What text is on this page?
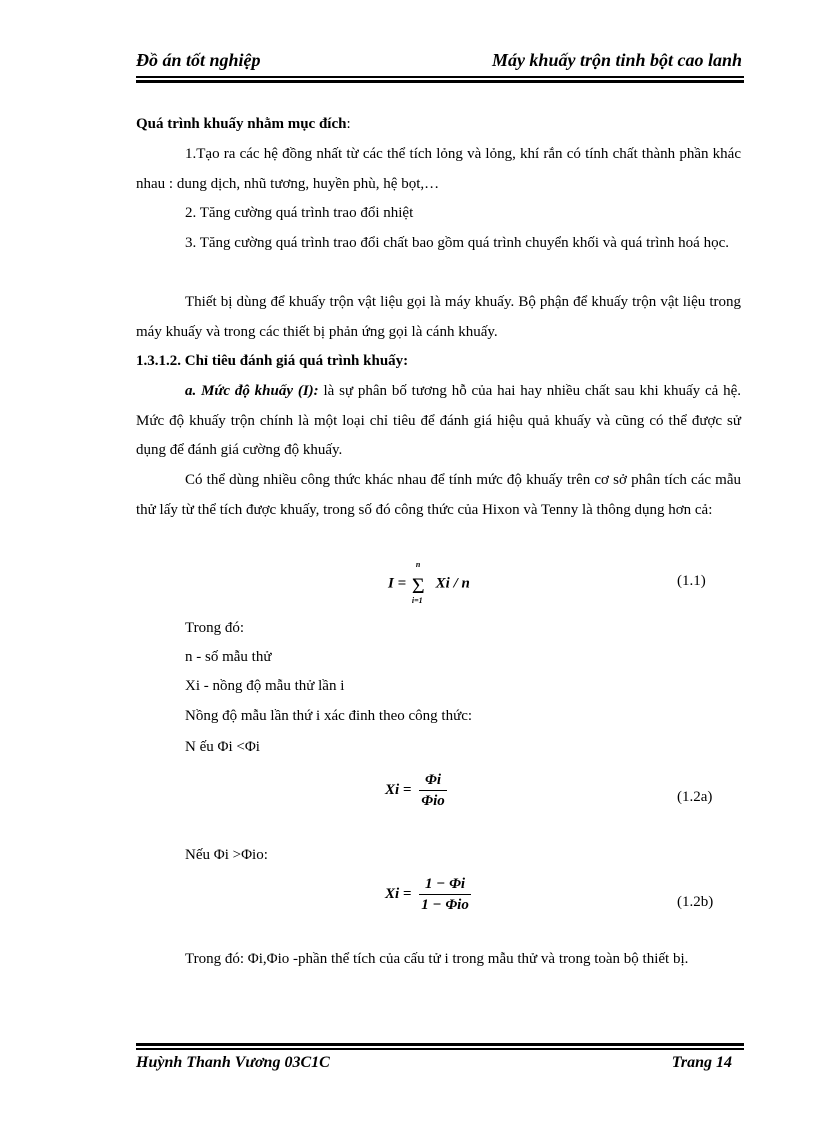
Đồ án tốt nghiệp	Máy khuấy trộn tinh bột cao lanh
Quá trình khuấy nhằm mục đích:
1.Tạo ra các hệ đồng nhất từ các thể tích lỏng và lỏng, khí rắn có tính chất thành phần khác nhau : dung dịch, nhũ tương, huyền phù, hệ bọt,…
2. Tăng cường quá trình trao đổi nhiệt
3. Tăng cường quá trình trao đổi chất bao gồm quá trình chuyển khối và quá trình hoá học.
Thiết bị dùng để khuấy trộn vật liệu gọi là máy khuấy. Bộ phận để khuấy trộn vật liệu trong máy khuấy và trong các thiết bị phản ứng gọi là cánh khuấy.
1.3.1.2. Chỉ tiêu đánh giá quá trình khuấy:
a. Mức độ khuấy (I): là sự phân bố tương hỗ của hai hay nhiều chất sau khi khuấy cả hệ. Mức độ khuấy trộn chính là một loại chỉ tiêu để đánh giá hiệu quả khuấy và cũng có thể được sử dụng để đánh giá cường độ khuấy.
Có thể dùng nhiều công thức khác nhau để tính mức độ khuấy trên cơ sở phân tích các mẫu thử lấy từ thể tích được khuấy, trong số đó công thức của Hixon và Tenny là thông dụng hơn cả:
I = Σ
n
i=1
Xi / n	(1.1)
Trong đó:
n - số mẫu thử
Xi - nồng độ mẫu thử lần i
Nồng độ mẫu lần thứ i xác đinh theo công thức:
N ếu Φi <Φi
$Xi = \frac{\Phi i}{\text{Φio}}$	(1.2a)
Nếu Φi >Φio:
$Xi = \frac{1 - \Phi i}{\text{1 − Φio}}$	(1.2b)
Trong đó: Φi,Φio -phần thể tích của cấu tử i trong mẫu thử và trong toàn bộ thiết bị.
Huỳnh Thanh Vương 03C1C	Trang 14
